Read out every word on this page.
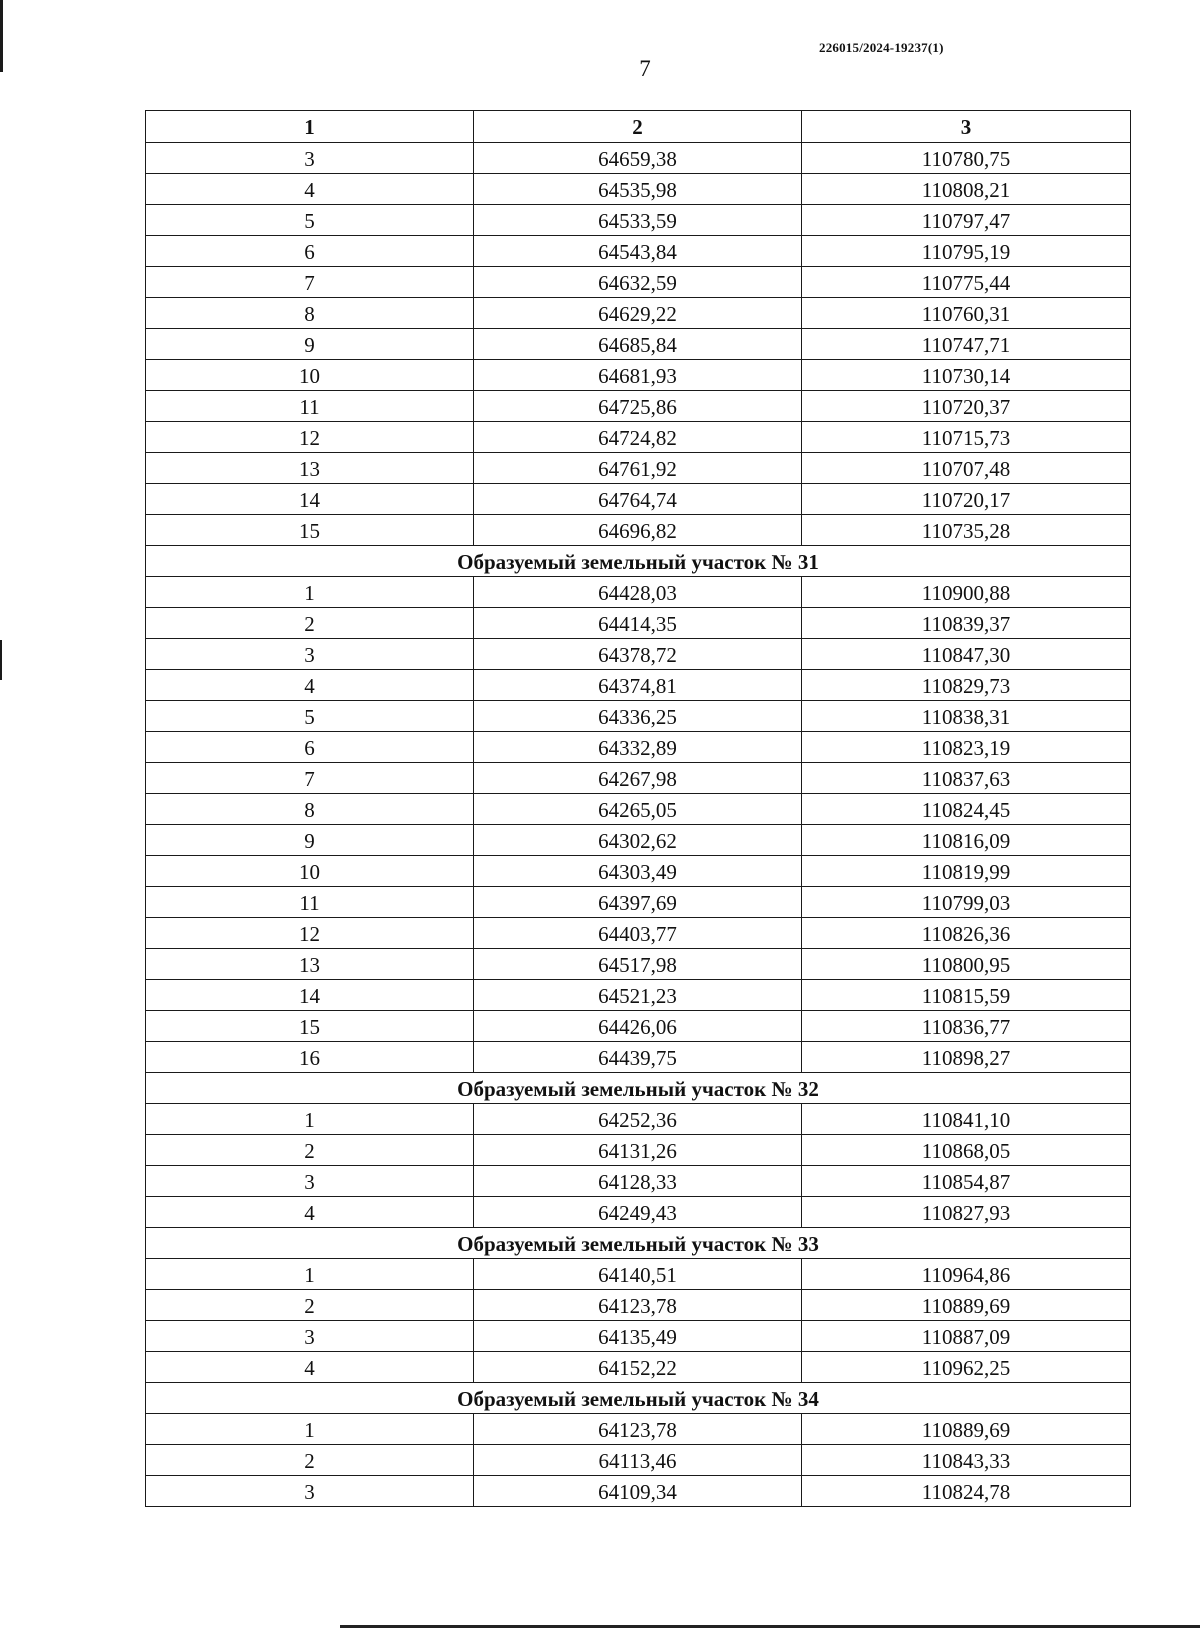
226015/2024-19237(1)
7
1	2	3
3	64659,38	110780,75
4	64535,98	110808,21
5	64533,59	110797,47
6	64543,84	110795,19
7	64632,59	110775,44
8	64629,22	110760,31
9	64685,84	110747,71
10	64681,93	110730,14
11	64725,86	110720,37
12	64724,82	110715,73
13	64761,92	110707,48
14	64764,74	110720,17
15	64696,82	110735,28
Образуемый земельный участок № 31		
1	64428,03	110900,88
2	64414,35	110839,37
3	64378,72	110847,30
4	64374,81	110829,73
5	64336,25	110838,31
6	64332,89	110823,19
7	64267,98	110837,63
8	64265,05	110824,45
9	64302,62	110816,09
10	64303,49	110819,99
11	64397,69	110799,03
12	64403,77	110826,36
13	64517,98	110800,95
14	64521,23	110815,59
15	64426,06	110836,77
16	64439,75	110898,27
Образуемый земельный участок № 32		
1	64252,36	110841,10
2	64131,26	110868,05
3	64128,33	110854,87
4	64249,43	110827,93
Образуемый земельный участок № 33		
1	64140,51	110964,86
2	64123,78	110889,69
3	64135,49	110887,09
4	64152,22	110962,25
Образуемый земельный участок № 34		
1	64123,78	110889,69
2	64113,46	110843,33
3	64109,34	110824,78
